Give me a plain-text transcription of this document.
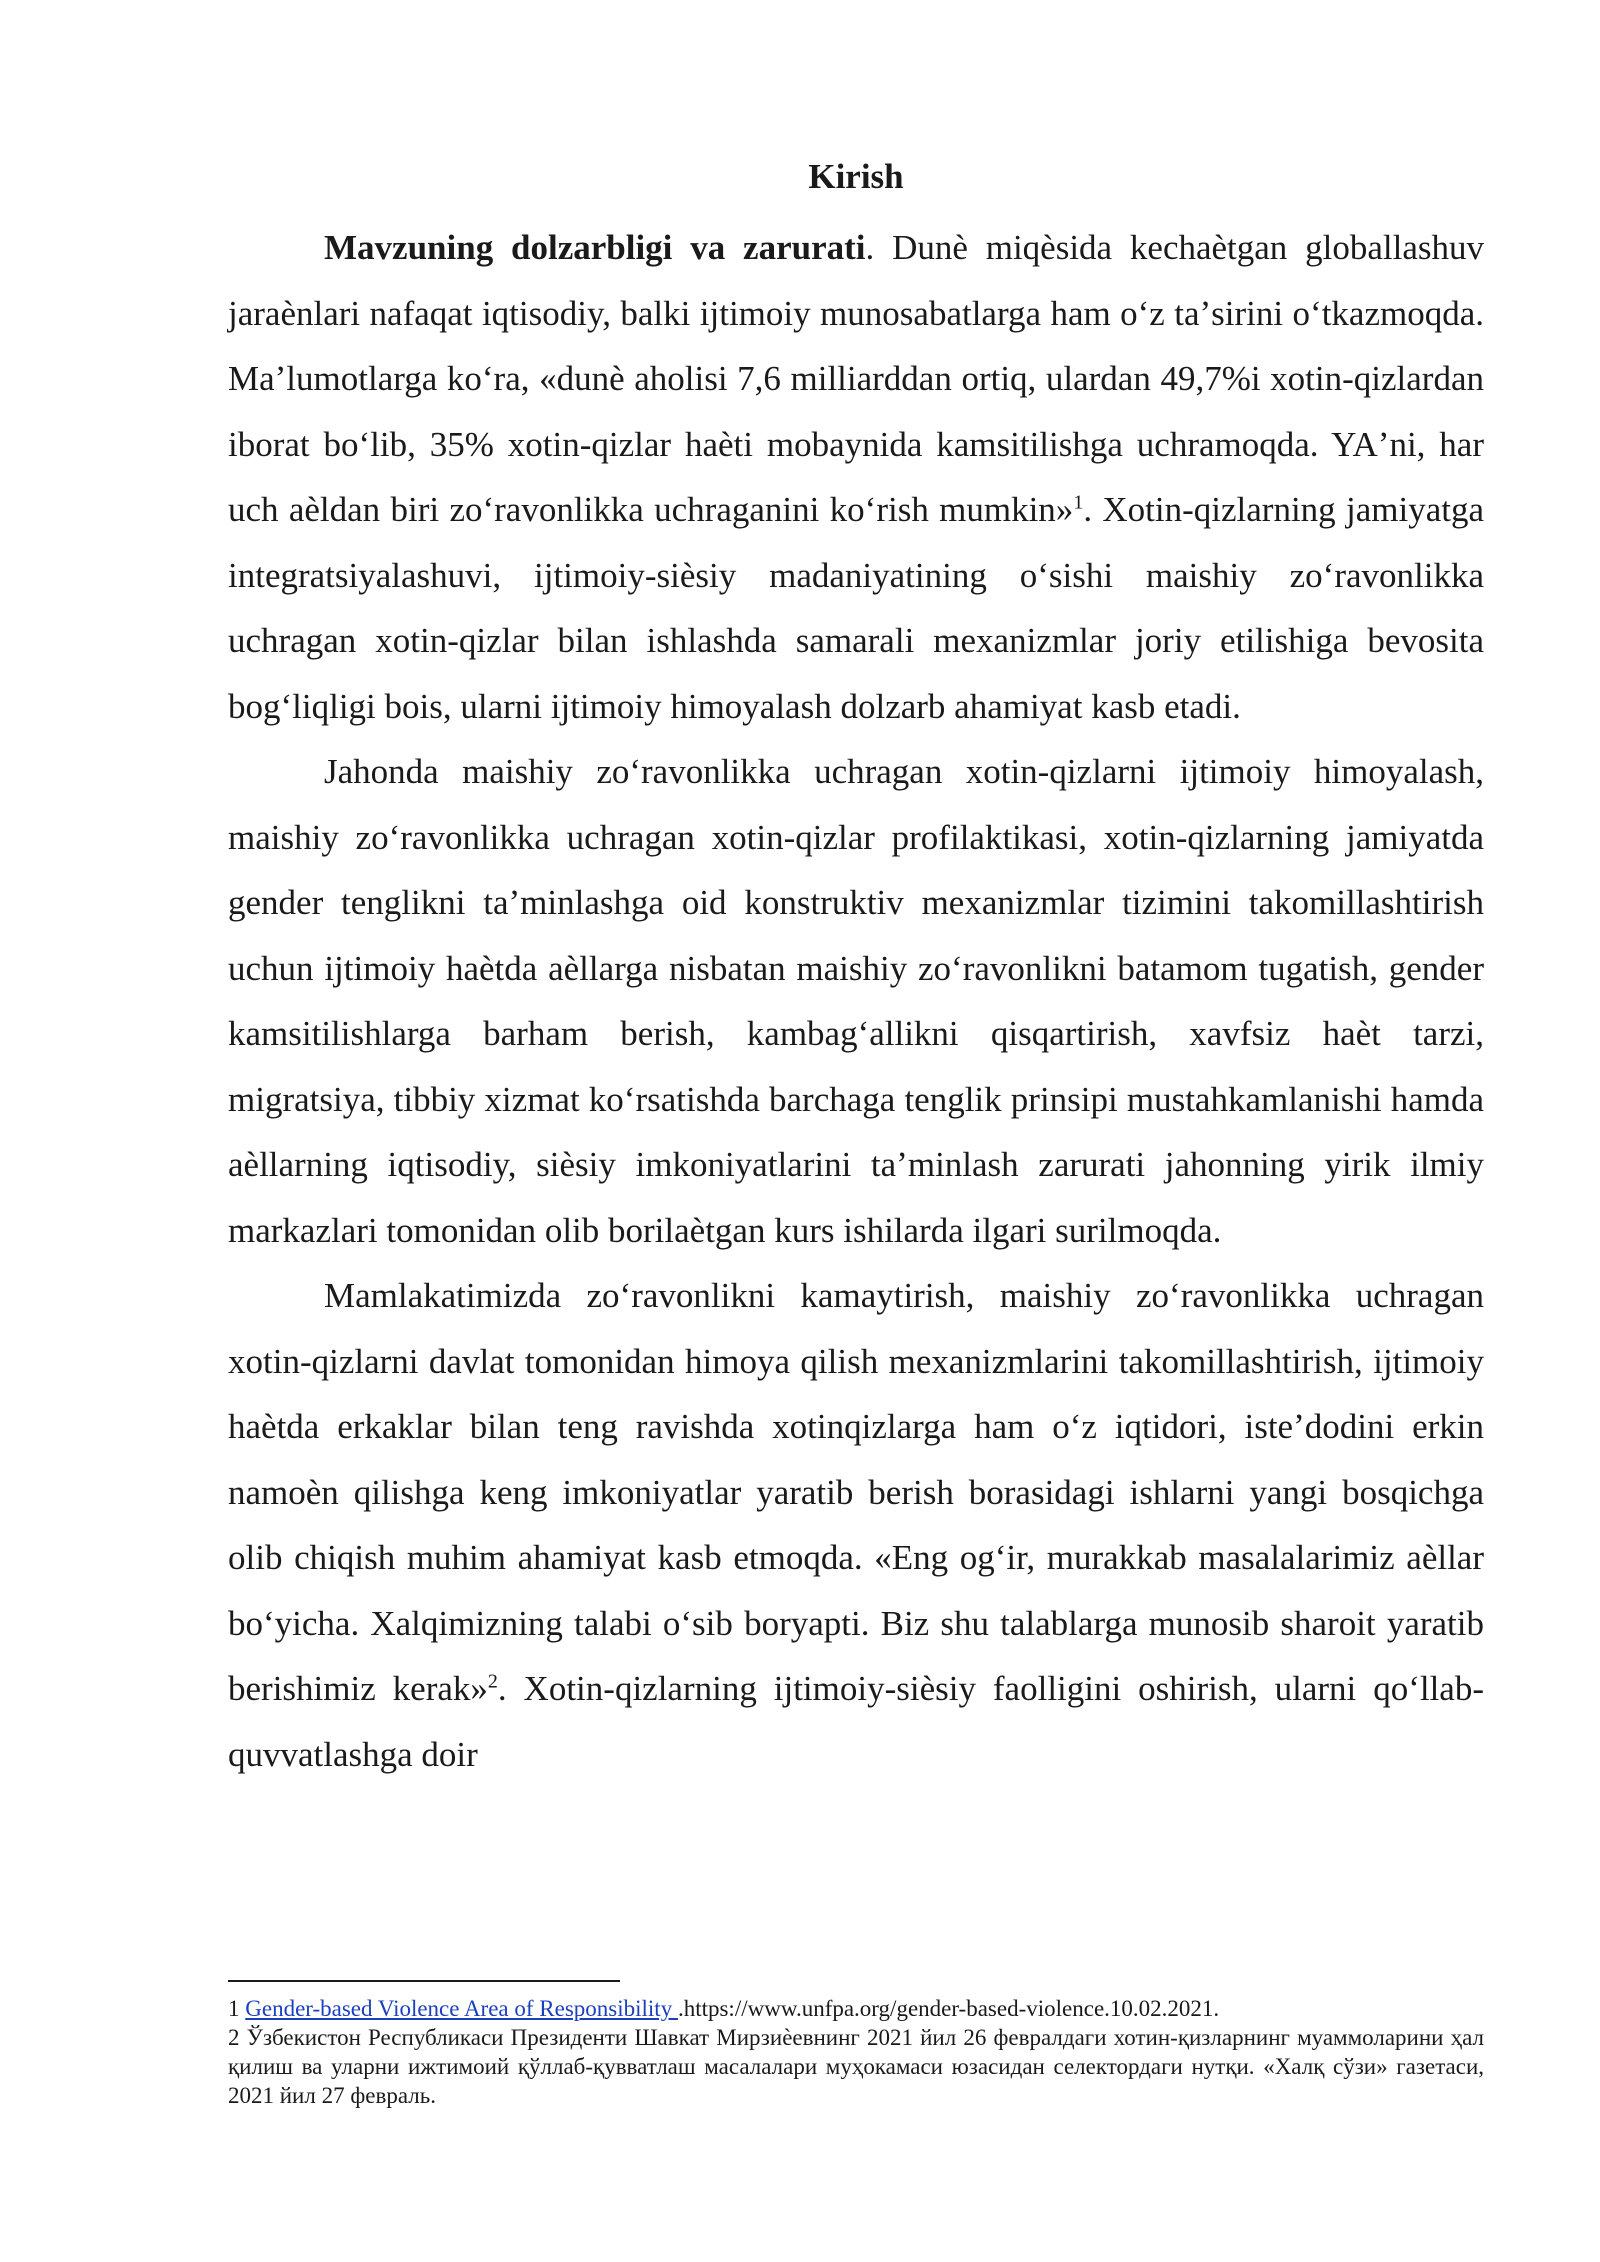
Kirish

Mavzuning dolzarbligi va zarurati. Dunè miqèsida kechaètgan globallashuv jaraènlari nafaqat iqtisodiy, balki ijtimoiy munosabatlarga ham oʻz taʼsirini oʻtkazmoqda. Maʼlumotlarga koʻra, «dunè aholisi 7,6 milliarddan ortiq, ulardan 49,7%i xotin-qizlardan iborat boʻlib, 35% xotin-qizlar haèti mobaynida kamsitilishga uchramoqda. YAʼni, har uch aèldan biri zoʻravonlikka uchraganini koʻrish mumkin»$^1$. Xotin-qizlarning jamiyatga integratsiyalashuvi, ijtimoiy-sièsiy madaniyatining oʻsishi maishiy zoʻravonlikka uchragan xotin-qizlar bilan ishlashda samarali mexanizmlar joriy etilishiga bevosita bogʻliqligi bois, ularni ijtimoiy himoyalash dolzarb ahamiyat kasb etadi.

Jahonda maishiy zoʻravonlikka uchragan xotin-qizlarni ijtimoiy himoyalash, maishiy zoʻravonlikka uchragan xotin-qizlar profilaktikasi, xotin-qizlarning jamiyatda gender tenglikni taʼminlashga oid konstruktiv mexanizmlar tizimini takomillashtirish uchun ijtimoiy haètda aèllarga nisbatan maishiy zoʻravonlikni batamom tugatish, gender kamsitilishlarga barham berish, kambagʻallikni qisqartirish, xavfsiz haèt tarzi, migratsiya, tibbiy xizmat koʻrsatishda barchaga tenglik prinsipi mustahkamlanishi hamda aèllarning iqtisodiy, sièsiy imkoniyatlarini taʼminlash zarurati jahonning yirik ilmiy markazlari tomonidan olib borilaètgan kurs ishilarda ilgari surilmoqda.

Mamlakatimizda zoʻravonlikni kamaytirish, maishiy zoʻravonlikka uchragan xotin-qizlarni davlat tomonidan himoya qilish mexanizmlarini takomillashtirish, ijtimoiy haètda erkaklar bilan teng ravishda xotinqizlarga ham oʻz iqtidori, isteʼdodini erkin namoèn qilishga keng imkoniyatlar yaratib berish borasidagi ishlarni yangi bosqichga olib chiqish muhim ahamiyat kasb etmoqda. «Eng ogʻir, murakkab masalalarimiz aèllar boʻyicha. Xalqimizning talabi oʻsib boryapti. Biz shu talablarga munosib sharoit yaratib berishimiz kerak»$^2$. Xotin-qizlarning ijtimoiy-sièsiy faolligini oshirish, ularni qoʻllab-quvvatlashga doir

1 Gender-based Violence Area of Responsibility .https://www.unfpa.org/gender-based-violence.10.02.2021.

2 Ўзбекистон Республикаси Президенти Шавкат Мирзиѐевнинг 2021 йил 26 февралдаги хотин-қизларнинг муаммоларини ҳал қилиш ва уларни ижтимоий қўллаб-қувватлаш масалалари муҳокамаси юзасидан селектордаги нутқи. «Халқ сўзи» газетаси, 2021 йил 27 февраль.
